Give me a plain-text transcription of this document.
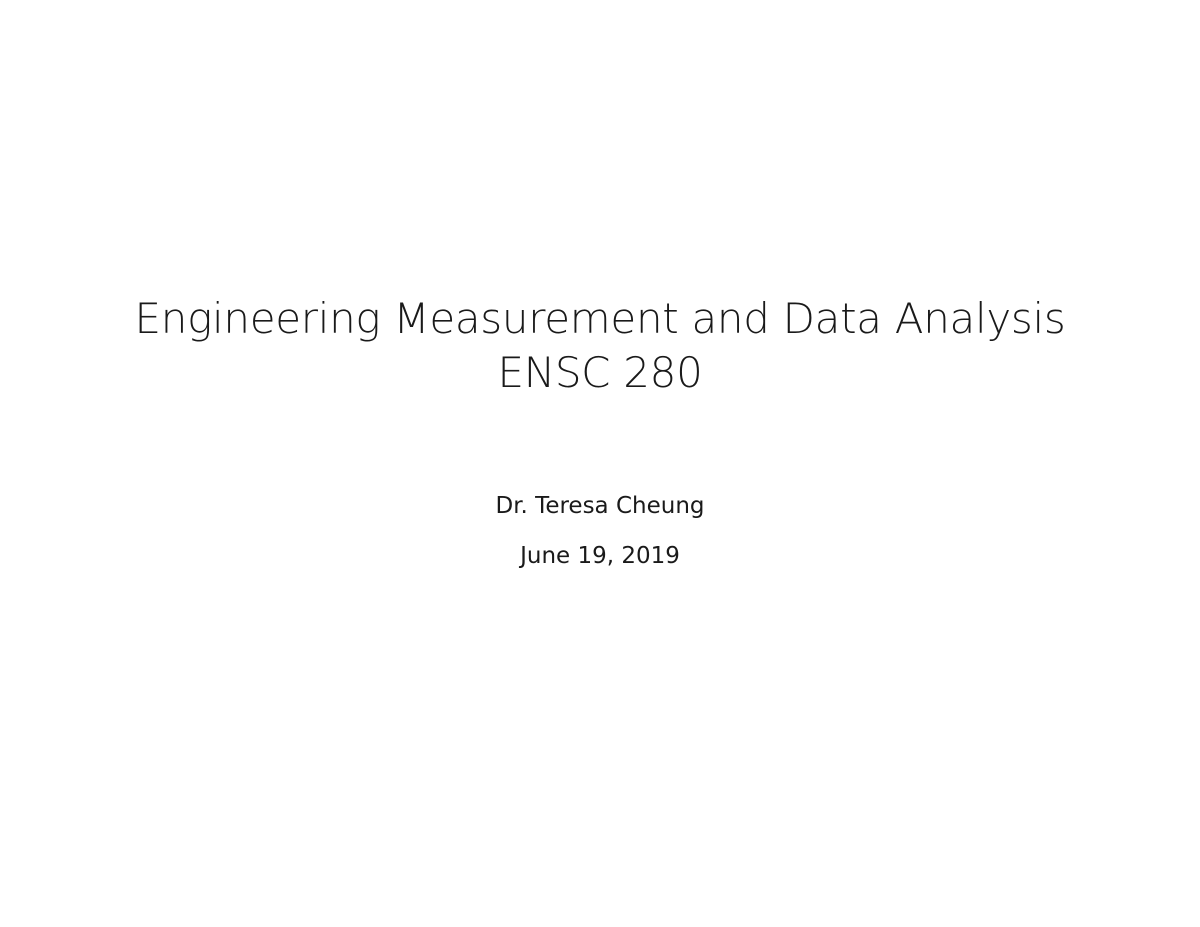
Engineering Measurement and Data Analysis
ENSC 280
Dr. Teresa Cheung
June 19, 2019
